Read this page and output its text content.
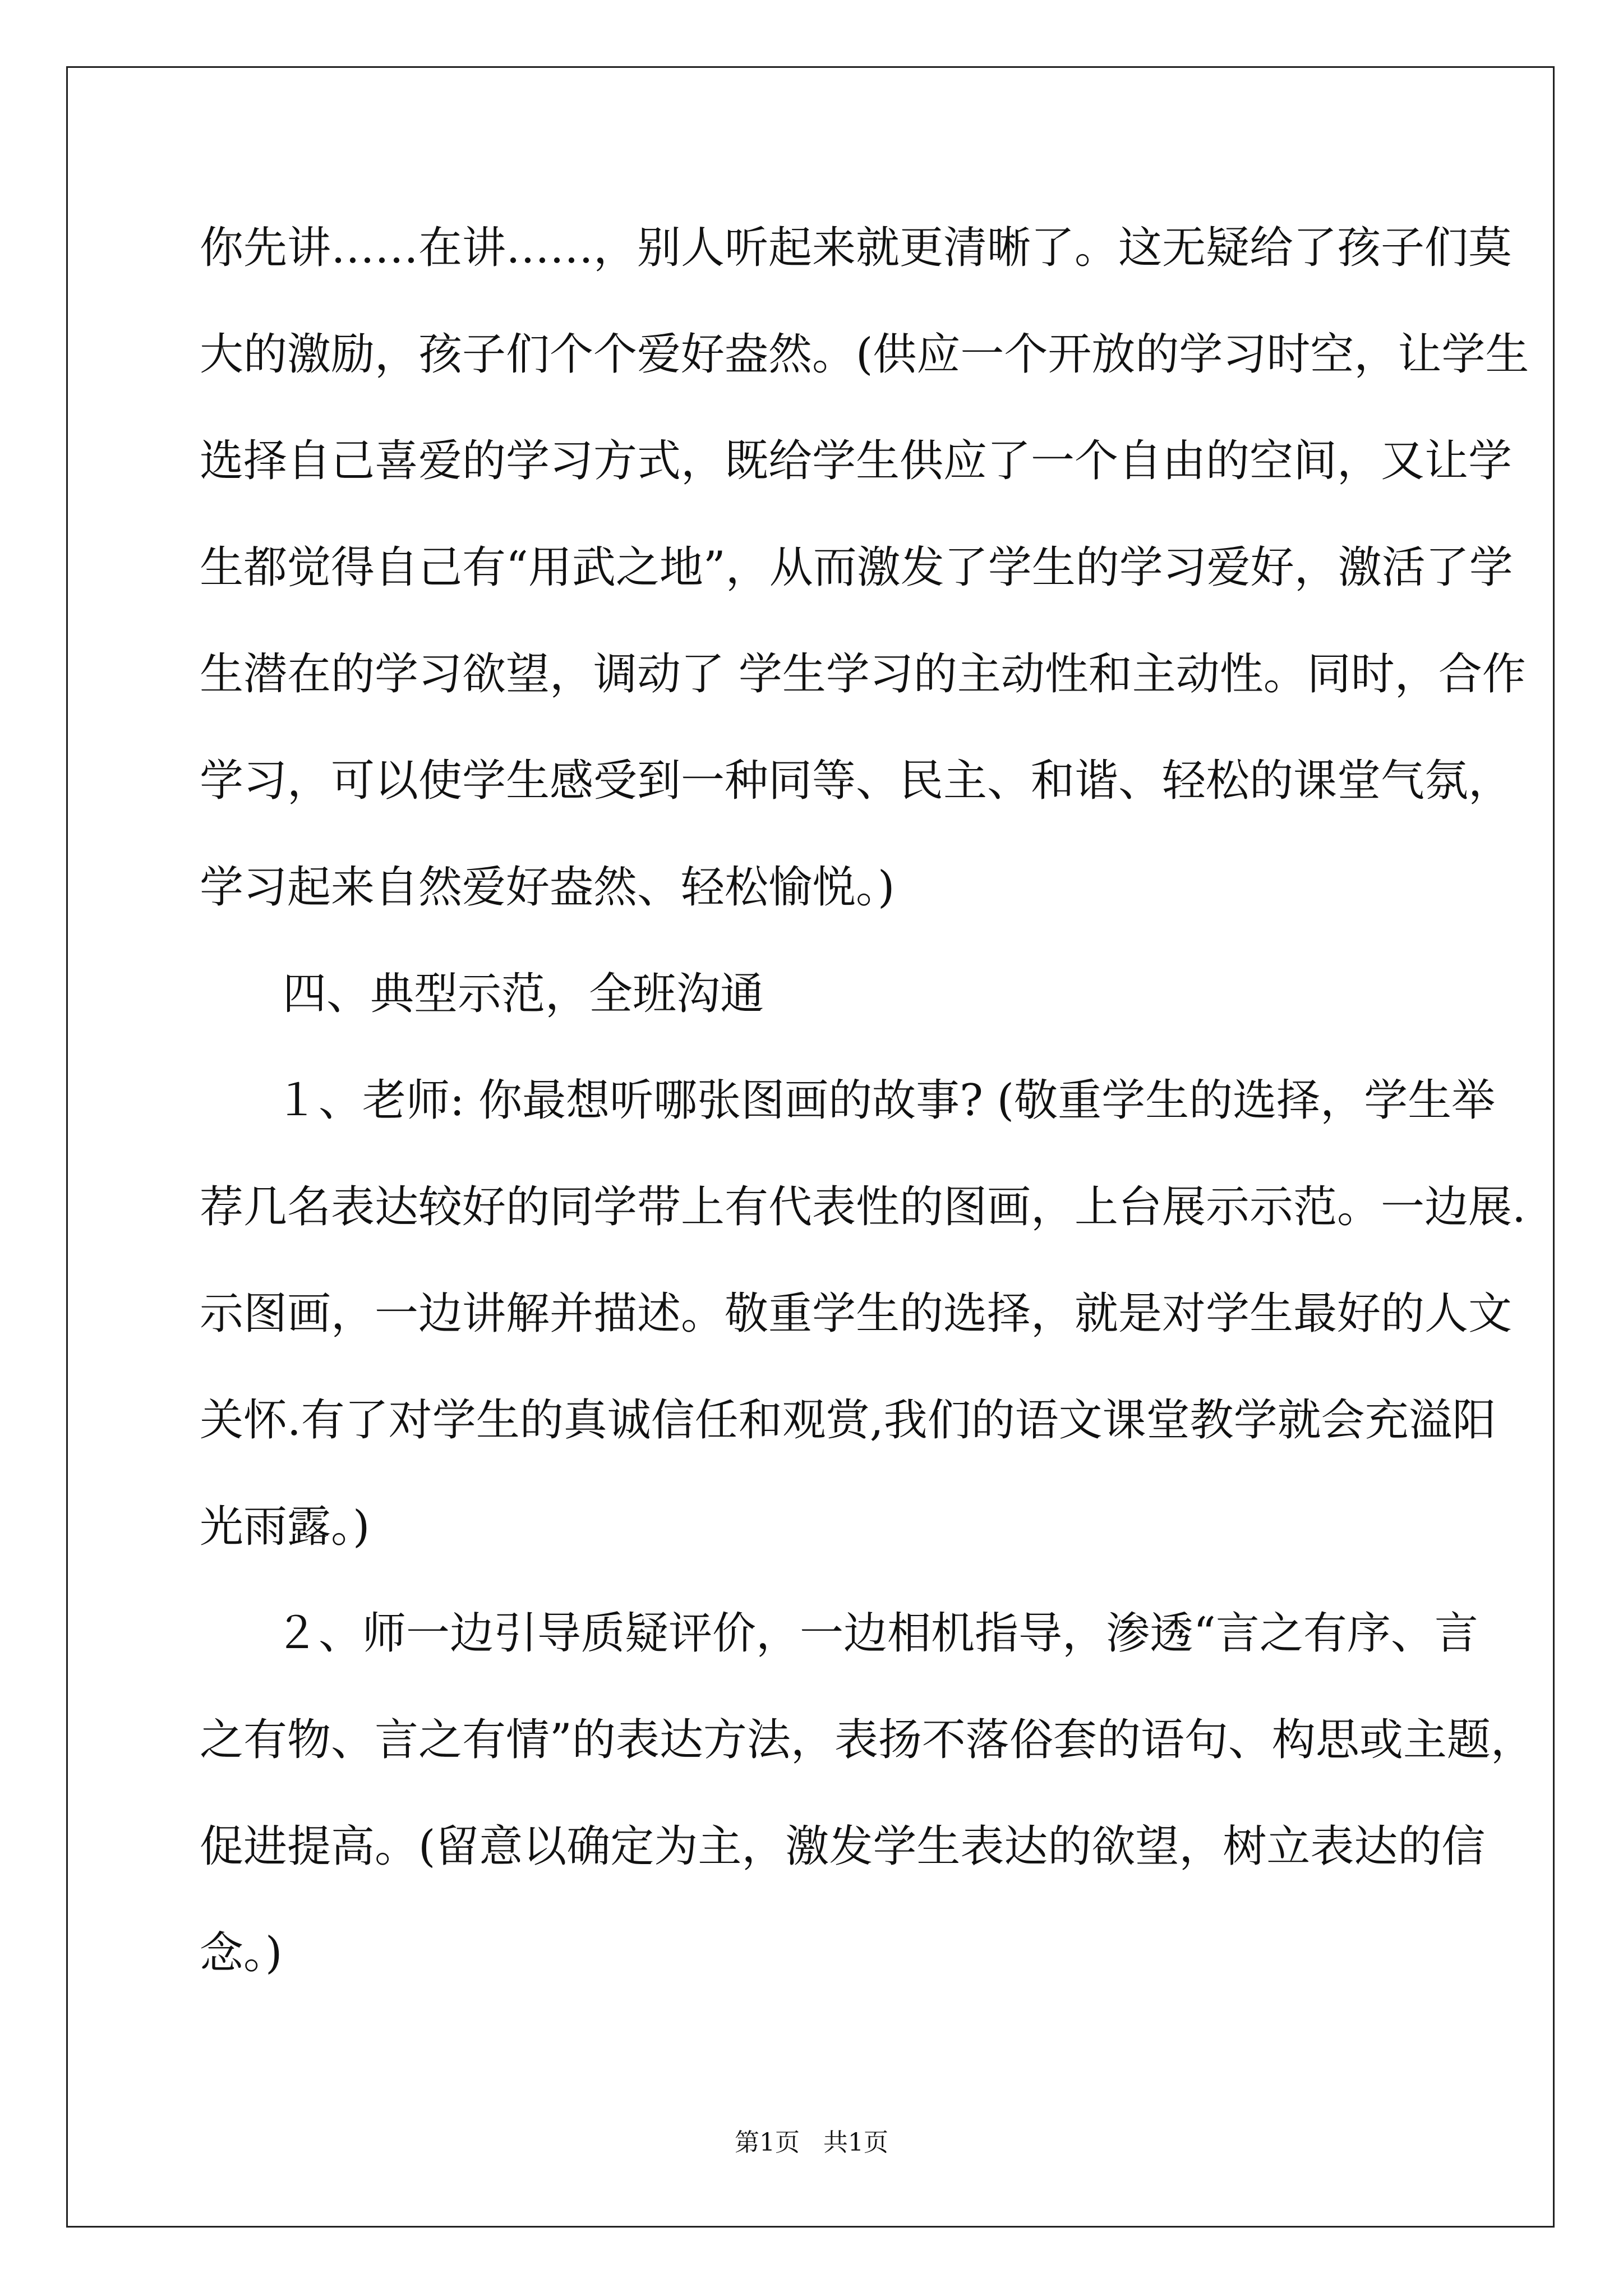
你先讲……在讲……，别人听起来就更清晰了。这无疑给了孩子们莫

大的激励，孩子们个个爱好盎然。(供应一个开放的学习时空，让学生

选择自己喜爱的学习方式，既给学生供应了一个自由的空间，又让学

生都觉得自己有“用武之地”，从而激发了学生的学习爱好，激活了学

生潜在的学习欲望，调动了 学生学习的主动性和主动性。同时，合作

学习，可以使学生感受到一种同等、民主、和谐、轻松的课堂气氛，

学习起来自然爱好盎然、轻松愉悦。)

四、典型示范，全班沟通

１、老师: 你最想听哪张图画的故事? (敬重学生的选择，学生举

荐几名表达较好的同学带上有代表性的图画，上台展示示范。一边展.

示图画，一边讲解并描述。敬重学生的选择，就是对学生最好的人文

关怀.有了对学生的真诚信任和观赏,我们的语文课堂教学就会充溢阳

光雨露。)

２、师一边引导质疑评价，一边相机指导，渗透“言之有序、言

之有物、言之有情”的表达方法，表扬不落俗套的语句、构思或主题，

促进提高。(留意以确定为主，激发学生表达的欲望，树立表达的信

念。)

第1页   共1页
